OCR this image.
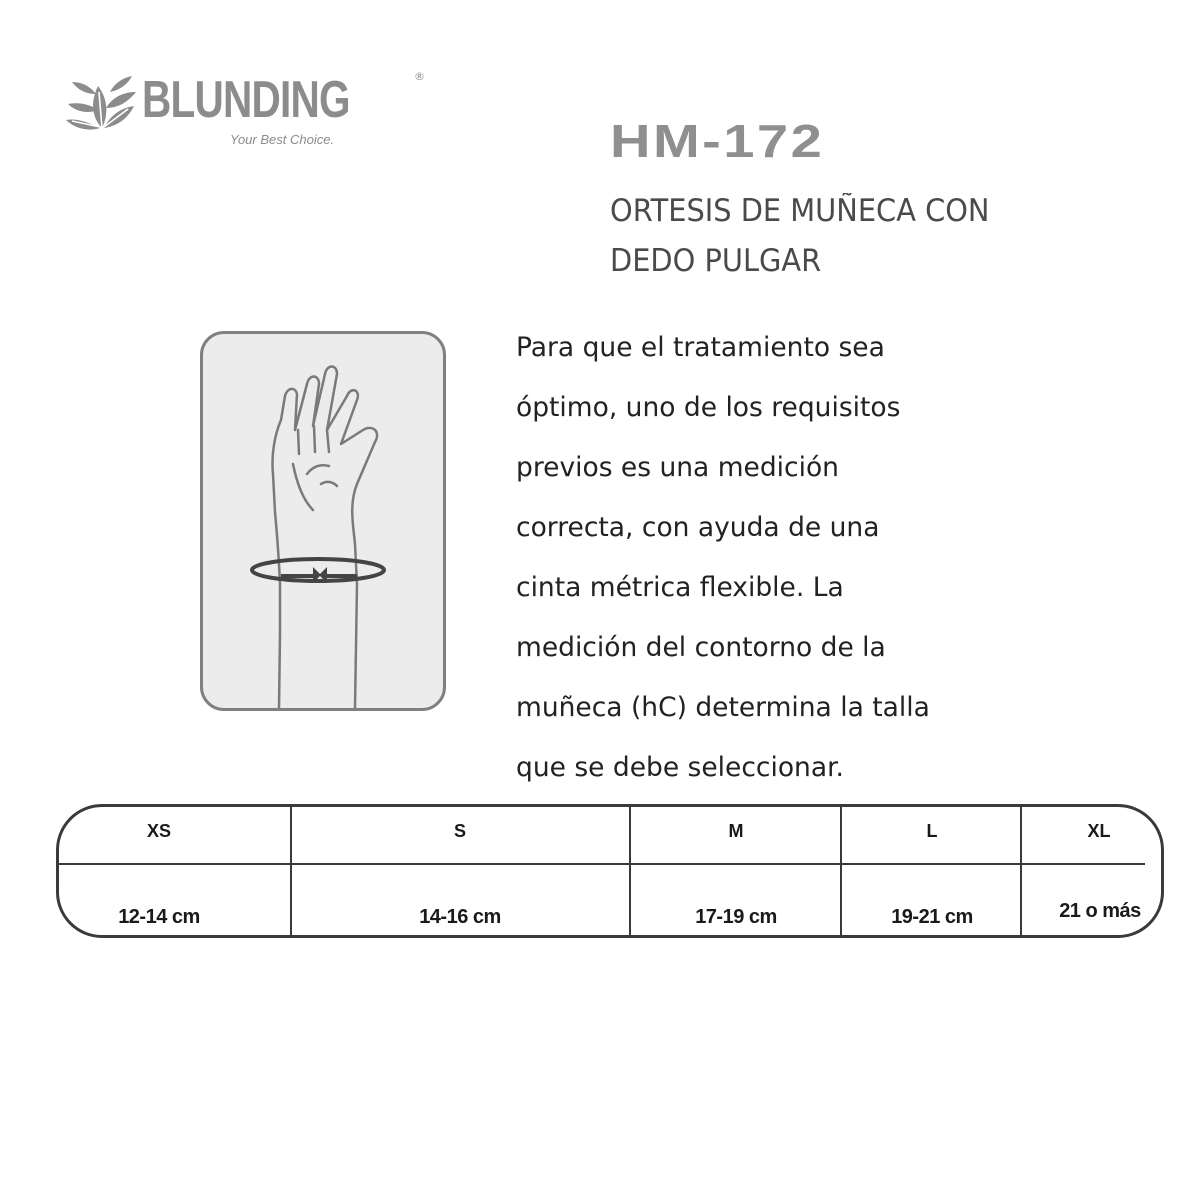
BLUNDING	®
Your Best Choice.	HM-172
ORTESIS DE MUÑECA CON
DEDO PULGAR
Para que el tratamiento sea
óptimo, uno de los requisitos
previos es una medición
correcta, con ayuda de una
cinta métrica flexible. La
medición del contorno de la
muñeca (hC) determina la talla
que se debe seleccionar.
XS	S	M	L	XL
12-14 cm	14-16 cm	17-19 cm	19-21 cm	21 o más
